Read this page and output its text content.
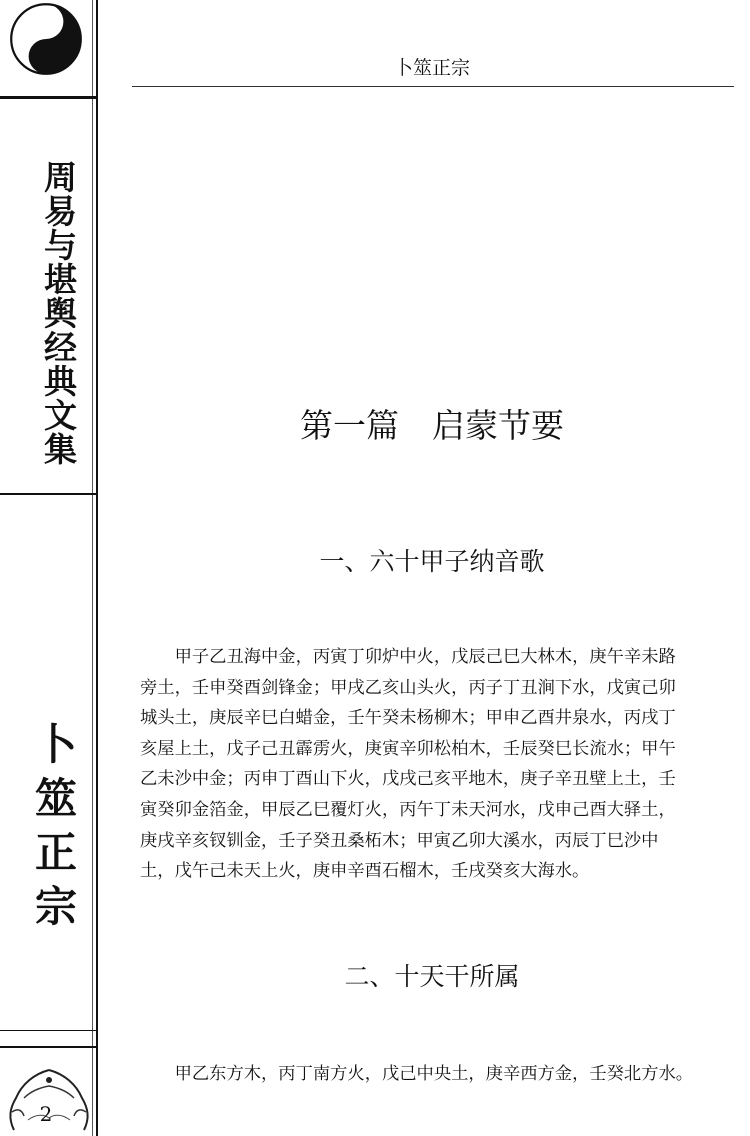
周易与堪舆经典文集
卜筮正宗
2
卜筮正宗
第一篇　启蒙节要
一、六十甲子纳音歌
甲子乙丑海中金，丙寅丁卯炉中火，戊辰己巳大林木，庚午辛未路
旁土，壬申癸酉剑锋金；甲戌乙亥山头火，丙子丁丑涧下水，戊寅己卯
城头土，庚辰辛巳白蜡金，壬午癸未杨柳木；甲申乙酉井泉水，丙戌丁
亥屋上土，戊子己丑霹雳火，庚寅辛卯松柏木，壬辰癸巳长流水；甲午
乙未沙中金；丙申丁酉山下火，戊戌己亥平地木，庚子辛丑壁上土，壬
寅癸卯金箔金，甲辰乙巳覆灯火，丙午丁未天河水，戊申己酉大驿土，
庚戌辛亥钗钏金，壬子癸丑桑柘木；甲寅乙卯大溪水，丙辰丁巳沙中
土，戊午己未天上火，庚申辛酉石榴木，壬戌癸亥大海水。
二、十天干所属
甲乙东方木，丙丁南方火，戊己中央土，庚辛西方金，壬癸北方水。
